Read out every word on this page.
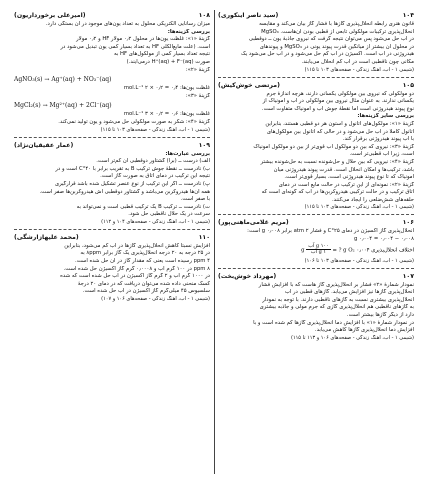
۱۰۴
(سید ناصر اینکوری)
قانون هنری رابطه انحلال‌پذیری گازها با فشار گاز بیان می‌کند و مقایسه
انحلال‌پذیری ترکیبات مولکولی تابعی از قطبی بودن آن‌هاست. MgSO₄
در آب حل می‌شود پس می‌توان نتیجه گرفت که نیروی جاذبهٔ یون ــ دوقطبی
در محلول آن بیشتر از میانگین قدرت پیوند یونی در MgSO₄ و پیوندهای
هیدروژنی در آب است. اکسیژن در آب کم حل می‌شود و در آب حل می‌شود یک
مکانی چون ناقطبی است در آب کم انحلال می‌یابند.
(شیمی ۱ - آب، آهنگ زندگی - صفحه‌های ۱۰۳ تا ۱۱۵)
۱۰۵
(مرتضی خوش‌کیش)
دو مولکولی که نیروی بین مولکولی یکسانی دارند، هرچه اندازهٔ جرم
یکسانی ندارند. به عنوان مثال نیروی بین مولکولی در آب و آمونیاک از
نوع پیوند هیدروژنی است اما نقطهٔ جوش آب و آمونیاک متفاوت است.
بررسی سایر گزینه‌ها:
گزینهٔ «۱»: مولکول‌های اتانول و استون هر دو قطبی هستند، بنابراین
اتانول کاملاً در آب حل می‌شود و در حالی که اتانول بین مولکول‌های
با آب پیوند هیدروژنی برقرار کند.
گزینهٔ «۳»: نیروی که بین دو مولکول آب قوی‌تر از بین دو مولکول آمونیاک
است، زیرا آب قطبی‌تر است.
گزینهٔ «۴»: نیرویی که بین حلال و حل‌شونده نسبت به حل‌شونده بیشتر
باشد، ترکیب‌ها و امکان انحلال است. قدرت پیوند هیدروژنی میان
آمونیاک که تا نوع پیوند هیدروژنی است، بسیار قوی‌تر است.
گزینهٔ «۲»: نمونه‌ای از این ترکیب در حالت مایع است در دمای
اتاق ترکیب و در حالت ترکیبی هیدروکربن‌ها در آب که گونه‌ای است که
حلقه‌های شش‌ضلعی را ایجاد می‌کنند.
(شیمی ۱ - آب، آهنگ زندگی - صفحه‌های ۱۰۳ تا ۱۱۵)
۱۰۶
(مریم غلامی‌ماهنی‌پور)
انحلال‌پذیری گاز اکسیژن در دمای ۲۵°C و فشار ۲ atm برابر ۰٫۰۰۸ g است:
۰٫۰۰۸ − ۰٫۰۰۴ = ۰٫۰۰۴ g
اختلاف انحلال‌پذیری ۰٫۰۰۴ g
$\frac{\text{۱۰۰ g آب}}{\text{۱ g آب}}$ = ? g O₂
(شیمی ۱ - آب، آهنگ زندگی - صفحه‌های ۱۰۳ تا ۱۰۶)
۱۰۷
(مهرداد خوش‌بخت)
نمودار شمارهٔ «۲» فشار بر انحلال‌پذیری گاز هاست که با افزایش فشار
انحلال‌پذیری گازها نیز افزایش می‌یابد. گازهای قطبی در آب
انحلال‌پذیری بیشتری نسبت به گازهای ناقطبی دارند. با توجه به نمودار
به گازهای ناقطبی هم انحلال‌پذیری گازی که جرم مولی و جاذبه بیشتری
دارد از دیگر گازها بیشتر است.
در نمودار شمارهٔ «۱» با افزایش دما انحلال‌پذیری گازها کم شده است و با
افزایش دما انحلال‌پذیری گازها کاهش می‌یابد.
(شیمی ۱ - آب، آهنگ زندگی - صفحه‌های ۱۰۶ و ۱۱۳ تا ۱۱۵)
۱۰۸
(امیرعلی برخورداریون)
میزان رسانایی الکتریکی محلول به تعداد یون‌های موجود در آن بستگی دارد.
بررسی گزینه‌ها:
گزینهٔ «۱»: غلظت یون‌ها در محلول ۰٫۲ مولار HF و ۰٫۲ مولار
است. (علت مایع‌الکلی HF به تعداد بسیار کمی یون تبدیل می‌شود در
نتیجه تعداد بسیار کمی از مولکول‌های HF به
صورت H⁺(aq) + F⁻(aq) درمی‌آیند.)
گزینهٔ «۲»:
AgNO₃(s) → Ag⁺(aq) + NO₃⁻(aq)
غلظت یون‌ها: ۰٫۴ = ۰٫۲ × ۲ mol.L⁻¹
گزینهٔ «۳»:
MgCl₂(s) → Mg²⁺(aq) + 2Cl⁻(aq)
غلظت یون‌ها: ۰٫۶ = ۰٫۲ × ۳ mol.L⁻¹
گزینهٔ «۴»: شکر به صورت مولکولی حل می‌شود و یون تولید نمی‌کند.
(شیمی ۱ - آب، آهنگ زندگی - صفحه‌های ۱۰۳ تا ۱۱۵)
۱۰۹
(عمار عقیقیان‌نژاد)
بررسی عبارت‌ها:
الف) درست ــ (برا) گشتاور دوقطبی آن کم‌تر است.
ب) نادرست ــ نقطهٔ جوش ترکیب B به تقریب برابر با ۴۰°C است و در
نتیجه این ترکیب در دمای اتاق به صورت گاز است.
پ) نادرست ــ اگر این ترکیب از نوع عنصر تشکیل شده باشد قرارگیری
همه آن‌ها هیدروکربن می‌باشد و گشتاور دوقطبی اش هیدروکربن‌ها صفر است.
با صفر است.
ت) نادرست ــ ترکیب B یک ترکیب قطبی است و نمی‌تواند به
سرعت در یک حلال ناقطبی حل شود.
(شیمی ۱ - آب، آهنگ زندگی - صفحه‌های ۱۰۴ و ۱۱۲)
۱۱۰
(محمد علیهاز‌ارشگی)
افزایش نسبتاً کاهش انحلال‌پذیری گازها در آب کم می‌شود، بنابراین
در ۲۵ درجه به ۲۰ درجه انحلال‌پذیری یک گاز برابر ۸ppm به
ppm ۴ رسیده است یعنی که مقدار گاز در آن حل شده است.
ppm ۸ در ۱۰۰ گرم آب و ۰٫۰۰۰۸ گرم گاز اکسیژن حل شده است.
در ۱۰۰۰ گرم آب و ۲ گرم گاز اکسیژن در آب حل شده است که شده
کسک منحنی داده شده می‌توان دریافت که در دمای ۲۰ درجهٔ
سلسیوس ۴۵ میلی‌گرم گاز اکسیژن در آب حل شده است.
(شیمی ۱ - آب، آهنگ زندگی - صفحه‌های ۱۰۶ و ۱۰۷)
